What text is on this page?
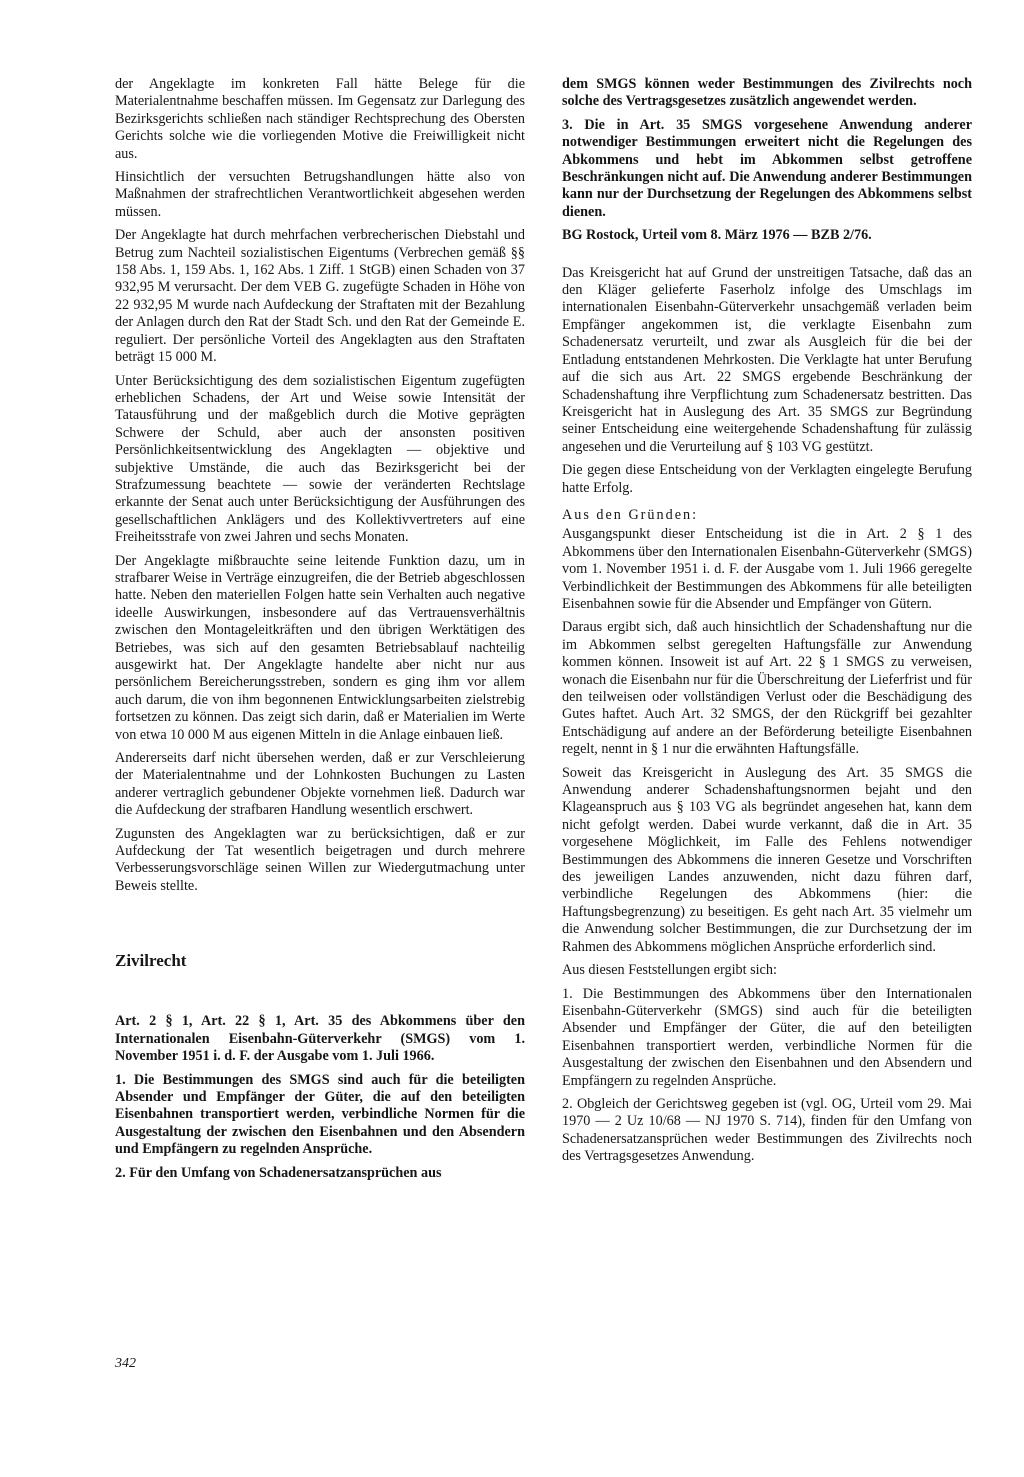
der Angeklagte im konkreten Fall hätte Belege für die Materialentnahme beschaffen müssen. Im Gegensatz zur Darlegung des Bezirksgerichts schließen nach ständiger Rechtsprechung des Obersten Gerichts solche wie die vorliegenden Motive die Freiwilligkeit nicht aus.

Hinsichtlich der versuchten Betrugshandlungen hätte also von Maßnahmen der strafrechtlichen Verantwortlichkeit abgesehen werden müssen.

Der Angeklagte hat durch mehrfachen verbrecherischen Diebstahl und Betrug zum Nachteil sozialistischen Eigentums (Verbrechen gemäß §§ 158 Abs. 1, 159 Abs. 1, 162 Abs. 1 Ziff. 1 StGB) einen Schaden von 37 932,95 M verursacht. Der dem VEB G. zugefügte Schaden in Höhe von 22 932,95 M wurde nach Aufdeckung der Straftaten mit der Bezahlung der Anlagen durch den Rat der Stadt Sch. und den Rat der Gemeinde E. reguliert. Der persönliche Vorteil des Angeklagten aus den Straftaten beträgt 15 000 M.

Unter Berücksichtigung des dem sozialistischen Eigentum zugefügten erheblichen Schadens, der Art und Weise sowie Intensität der Tatausführung und der maßgeblich durch die Motive geprägten Schwere der Schuld, aber auch der ansonsten positiven Persönlichkeitsentwicklung des Angeklagten — objektive und subjektive Umstände, die auch das Bezirksgericht bei der Strafzumessung beachtete — sowie der veränderten Rechtslage erkannte der Senat auch unter Berücksichtigung der Ausführungen des gesellschaftlichen Anklägers und des Kollektivvertreters auf eine Freiheitsstrafe von zwei Jahren und sechs Monaten.

Der Angeklagte mißbrauchte seine leitende Funktion dazu, um in strafbarer Weise in Verträge einzugreifen, die der Betrieb abgeschlossen hatte. Neben den materiellen Folgen hatte sein Verhalten auch negative ideelle Auswirkungen, insbesondere auf das Vertrauensverhältnis zwischen den Montageleitkräften und den übrigen Werktätigen des Betriebes, was sich auf den gesamten Betriebsablauf nachteilig ausgewirkt hat. Der Angeklagte handelte aber nicht nur aus persönlichem Bereicherungsstreben, sondern es ging ihm vor allem auch darum, die von ihm begonnenen Entwicklungsarbeiten zielstrebig fortsetzen zu können. Das zeigt sich darin, daß er Materialien im Werte von etwa 10 000 M aus eigenen Mitteln in die Anlage einbauen ließ.

Andererseits darf nicht übersehen werden, daß er zur Verschleierung der Materialentnahme und der Lohnkosten Buchungen zu Lasten anderer vertraglich gebundener Objekte vornehmen ließ. Dadurch war die Aufdeckung der strafbaren Handlung wesentlich erschwert.

Zugunsten des Angeklagten war zu berücksichtigen, daß er zur Aufdeckung der Tat wesentlich beigetragen und durch mehrere Verbesserungsvorschläge seinen Willen zur Wiedergutmachung unter Beweis stellte.

Zivilrecht

Art. 2 § 1, Art. 22 § 1, Art. 35 des Abkommens über den Internationalen Eisenbahn-Güterverkehr (SMGS) vom 1. November 1951 i. d. F. der Ausgabe vom 1. Juli 1966.

1. Die Bestimmungen des SMGS sind auch für die beteiligten Absender und Empfänger der Güter, die auf den beteiligten Eisenbahnen transportiert werden, verbindliche Normen für die Ausgestaltung der zwischen den Eisenbahnen und den Absendern und Empfängern zu regelnden Ansprüche.

2. Für den Umfang von Schadenersatzansprüchen aus

dem SMGS können weder Bestimmungen des Zivilrechts noch solche des Vertragsgesetzes zusätzlich angewendet werden.

3. Die in Art. 35 SMGS vorgesehene Anwendung anderer notwendiger Bestimmungen erweitert nicht die Regelungen des Abkommens und hebt im Abkommen selbst getroffene Beschränkungen nicht auf. Die Anwendung anderer Bestimmungen kann nur der Durchsetzung der Regelungen des Abkommens selbst dienen.

BG Rostock, Urteil vom 8. März 1976 — BZB 2/76.

Das Kreisgericht hat auf Grund der unstreitigen Tatsache, daß das an den Kläger gelieferte Faserholz infolge des Umschlags im internationalen Eisenbahn-Güterverkehr unsachgemäß verladen beim Empfänger angekommen ist, die verklagte Eisenbahn zum Schadenersatz verurteilt, und zwar als Ausgleich für die bei der Entladung entstandenen Mehrkosten. Die Verklagte hat unter Berufung auf die sich aus Art. 22 SMGS ergebende Beschränkung der Schadenshaftung ihre Verpflichtung zum Schadenersatz bestritten. Das Kreisgericht hat in Auslegung des Art. 35 SMGS zur Begründung seiner Entscheidung eine weitergehende Schadenshaftung für zulässig angesehen und die Verurteilung auf § 103 VG gestützt.

Die gegen diese Entscheidung von der Verklagten eingelegte Berufung hatte Erfolg.

Aus den Gründen:

Ausgangspunkt dieser Entscheidung ist die in Art. 2 § 1 des Abkommens über den Internationalen Eisenbahn-Güterverkehr (SMGS) vom 1. November 1951 i. d. F. der Ausgabe vom 1. Juli 1966 geregelte Verbindlichkeit der Bestimmungen des Abkommens für alle beteiligten Eisenbahnen sowie für die Absender und Empfänger von Gütern.

Daraus ergibt sich, daß auch hinsichtlich der Schadenshaftung nur die im Abkommen selbst geregelten Haftungsfälle zur Anwendung kommen können. Insoweit ist auf Art. 22 § 1 SMGS zu verweisen, wonach die Eisenbahn nur für die Überschreitung der Lieferfrist und für den teilweisen oder vollständigen Verlust oder die Beschädigung des Gutes haftet. Auch Art. 32 SMGS, der den Rückgriff bei gezahlter Entschädigung auf andere an der Beförderung beteiligte Eisenbahnen regelt, nennt in § 1 nur die erwähnten Haftungsfälle.

Soweit das Kreisgericht in Auslegung des Art. 35 SMGS die Anwendung anderer Schadenshaftungsnormen bejaht und den Klageanspruch aus § 103 VG als begründet angesehen hat, kann dem nicht gefolgt werden. Dabei wurde verkannt, daß die in Art. 35 vorgesehene Möglichkeit, im Falle des Fehlens notwendiger Bestimmungen des Abkommens die inneren Gesetze und Vorschriften des jeweiligen Landes anzuwenden, nicht dazu führen darf, verbindliche Regelungen des Abkommens (hier: die Haftungsbegrenzung) zu beseitigen. Es geht nach Art. 35 vielmehr um die Anwendung solcher Bestimmungen, die zur Durchsetzung der im Rahmen des Abkommens möglichen Ansprüche erforderlich sind.

Aus diesen Feststellungen ergibt sich:

1. Die Bestimmungen des Abkommens über den Internationalen Eisenbahn-Güterverkehr (SMGS) sind auch für die beteiligten Absender und Empfänger der Güter, die auf den beteiligten Eisenbahnen transportiert werden, verbindliche Normen für die Ausgestaltung der zwischen den Eisenbahnen und den Absendern und Empfängern zu regelnden Ansprüche.

2. Obgleich der Gerichtsweg gegeben ist (vgl. OG, Urteil vom 29. Mai 1970 — 2 Uz 10/68 — NJ 1970 S. 714), finden für den Umfang von Schadenersatzansprüchen weder Bestimmungen des Zivilrechts noch des Vertragsgesetzes Anwendung.

342
